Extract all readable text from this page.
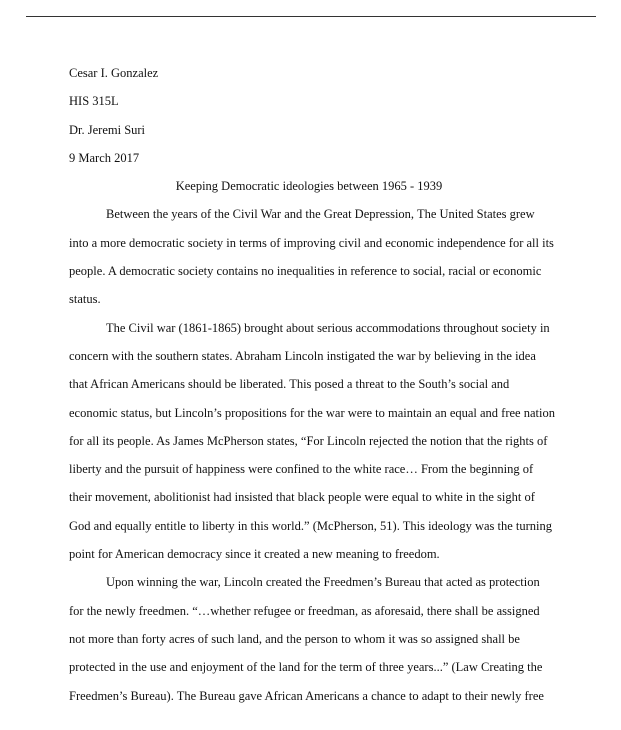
Cesar I. Gonzalez
HIS 315L
Dr. Jeremi Suri
9 March 2017
Keeping Democratic ideologies between 1965 - 1939

Between the years of the Civil War and the Great Depression, The United States grew
into a more democratic society in terms of improving civil and economic independence for all its
people. A democratic society contains no inequalities in reference to social, racial or economic
status.

The Civil war (1861-1865) brought about serious accommodations throughout society in
concern with the southern states. Abraham Lincoln instigated the war by believing in the idea
that African Americans should be liberated. This posed a threat to the South’s social and
economic status, but Lincoln’s propositions for the war were to maintain an equal and free nation
for all its people. As James McPherson states, “For Lincoln rejected the notion that the rights of
liberty and the pursuit of happiness were confined to the white race… From the beginning of
their movement, abolitionist had insisted that black people were equal to white in the sight of
God and equally entitle to liberty in this world.” (McPherson, 51). This ideology was the turning
point for American democracy since it created a new meaning to freedom.

Upon winning the war, Lincoln created the Freedmen’s Bureau that acted as protection
for the newly freedmen. “…whether refugee or freedman, as aforesaid, there shall be assigned
not more than forty acres of such land, and the person to whom it was so assigned shall be
protected in the use and enjoyment of the land for the term of three years...” (Law Creating the
Freedmen’s Bureau). The Bureau gave African Americans a chance to adapt to their newly free
